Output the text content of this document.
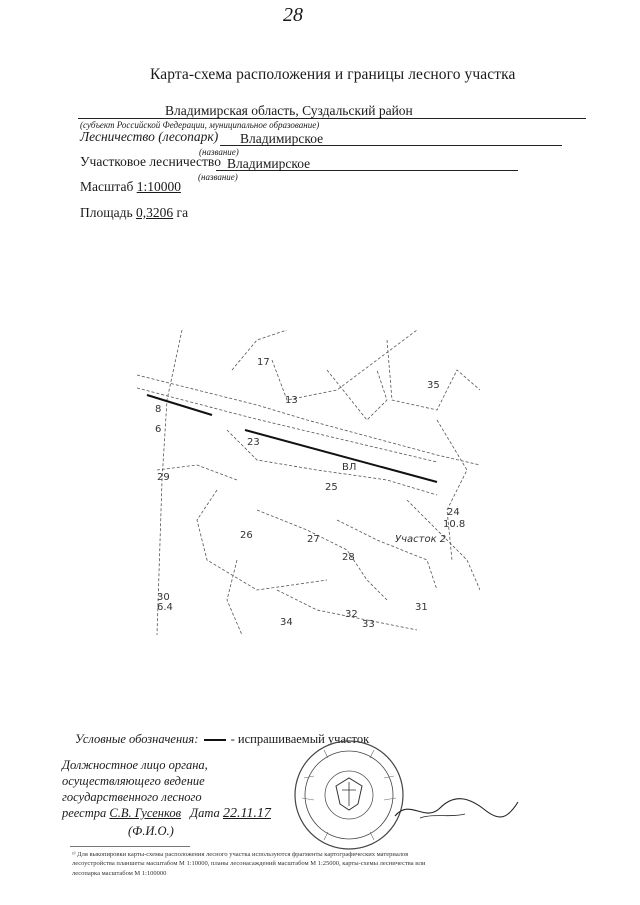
28
Карта-схема расположения и границы лесного участка
Владимирская область, Суздальский район
(субъект Российской Федерации, муниципальное образование)
Лесничество (лесопарк) Владимирское
(название)
Участковое лесничество Владимирское
(название)
Масштаб 1:10000
Площадь 0,3206 га
8
6
13
17
23
25
26	27
28
29
30
6.4
32
33
34
35
31
24
10.8
ВЛ
Участок 2
Условные обозначения:	- испрашиваемый участок
Должностное лицо органа,
осуществляющего ведение
государственного лесного
реестра С.В. Гусенков Дата 22.11.17
(Ф.И.О.)
¹⁾ Для выкопировки карты-схемы расположения лесного участка используются фрагменты картографических материалов
лесоустройства планшеты масштабом М 1:10000, планы лесонасаждений масштабом М 1:25000, карты-схемы лесничества или
лесопарка масштабом М 1:100000
